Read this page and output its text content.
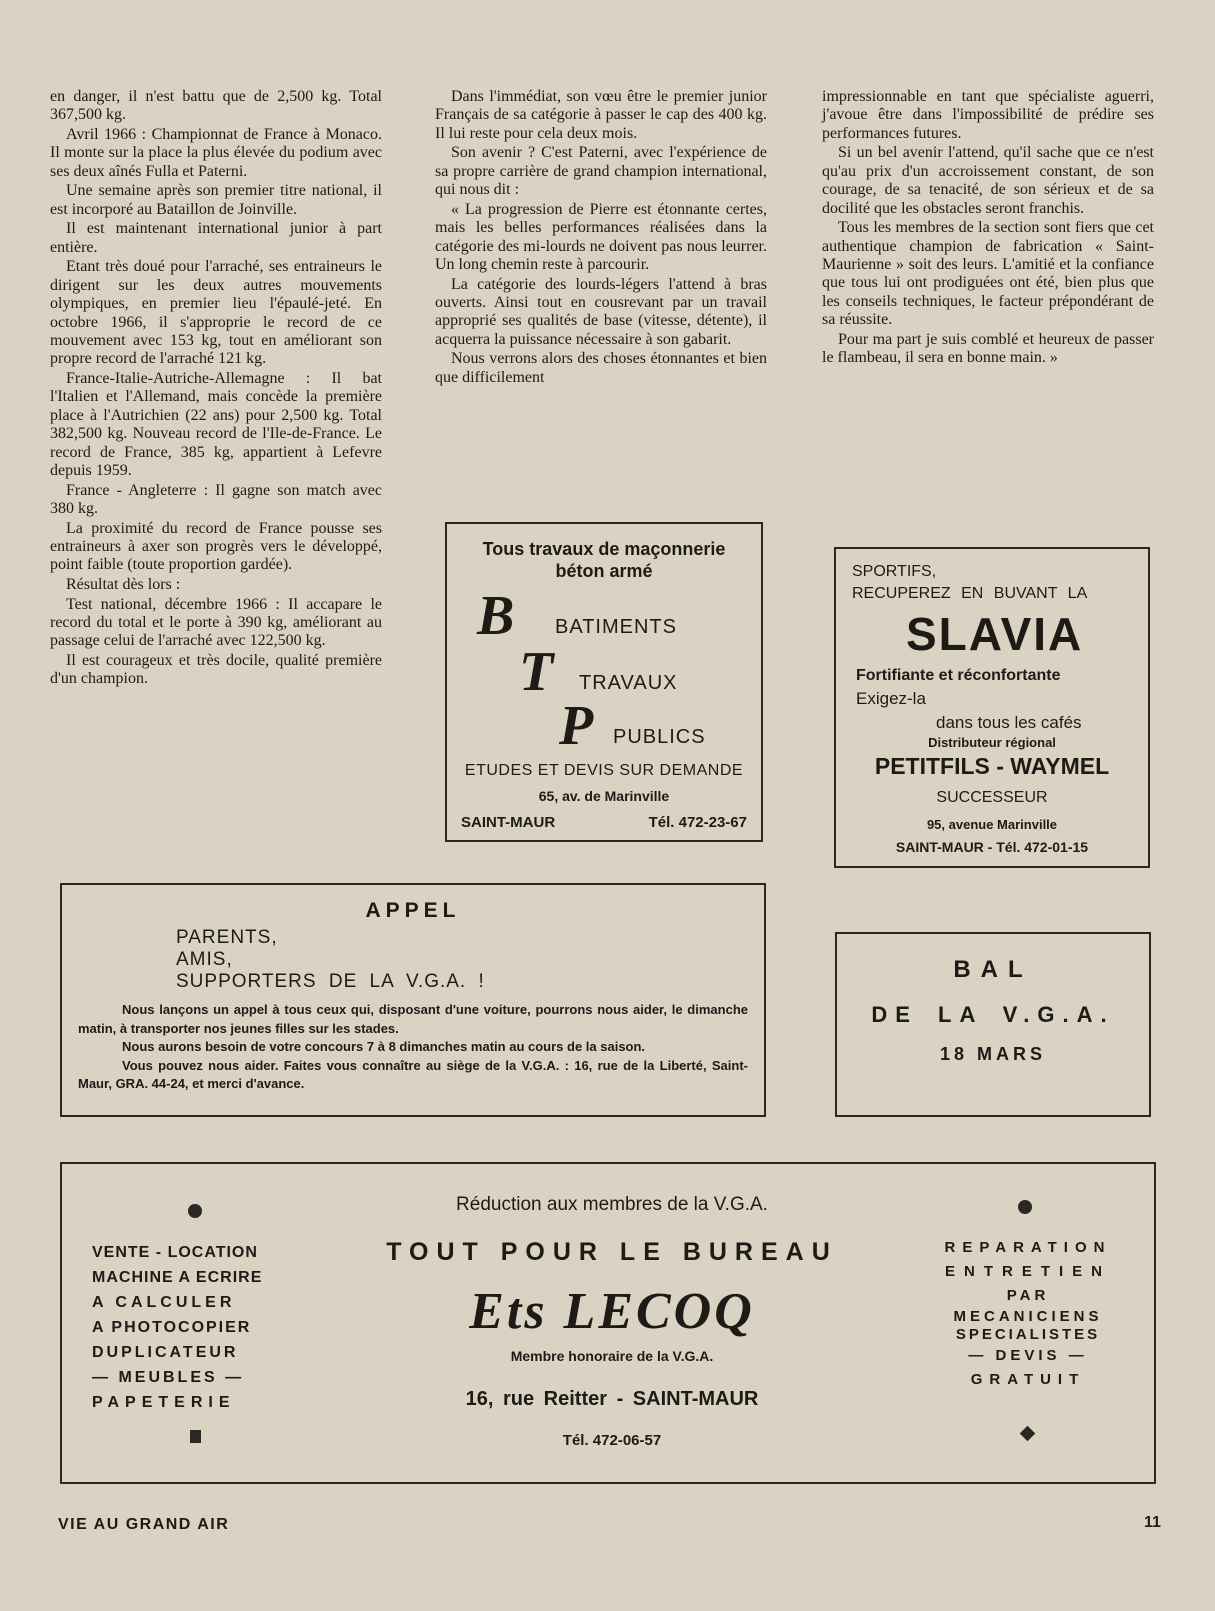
en danger, il n'est battu que de 2,500 kg. Total 367,500 kg.

Avril 1966 : Championnat de France à Monaco. Il monte sur la place la plus élevée du podium avec ses deux aînés Fulla et Paterni.

Une semaine après son premier titre national, il est incorporé au Bataillon de Joinville.

Il est maintenant international junior à part entière.

Etant très doué pour l'arraché, ses entraineurs le dirigent sur les deux autres mouvements olympiques, en premier lieu l'épaulé-jeté. En octobre 1966, il s'approprie le record de ce mouvement avec 153 kg, tout en améliorant son propre record de l'arraché 121 kg.

France-Italie-Autriche-Allemagne : Il bat l'Italien et l'Allemand, mais concède la première place à l'Autrichien (22 ans) pour 2,500 kg. Total 382,500 kg. Nouveau record de l'Ile-de-France. Le record de France, 385 kg, appartient à Lefevre depuis 1959.

France - Angleterre : Il gagne son match avec 380 kg.

La proximité du record de France pousse ses entraineurs à axer son progrès vers le développé, point faible (toute proportion gardée).

Résultat dès lors :

Test national, décembre 1966 : Il accapare le record du total et le porte à 390 kg, améliorant au passage celui de l'arraché avec 122,500 kg.

Il est courageux et très docile, qualité première d'un champion.

Dans l'immédiat, son vœu être le premier junior Français de sa catégorie à passer le cap des 400 kg. Il lui reste pour cela deux mois.

Son avenir ? C'est Paterni, avec l'expérience de sa propre carrière de grand champion international, qui nous dit :

« La progression de Pierre est étonnante certes, mais les belles performances réalisées dans la catégorie des mi-lourds ne doivent pas nous leurrer. Un long chemin reste à parcourir.

La catégorie des lourds-légers l'attend à bras ouverts. Ainsi tout en cousrevant par un travail approprié ses qualités de base (vitesse, détente), il acquerra la puissance nécessaire à son gabarit.

Nous verrons alors des choses étonnantes et bien que difficilement

impressionnable en tant que spécialiste aguerri, j'avoue être dans l'impossibilité de prédire ses performances futures.

Si un bel avenir l'attend, qu'il sache que ce n'est qu'au prix d'un accroissement constant, de son courage, de sa tenacité, de son sérieux et de sa docilité que les obstacles seront franchis.

Tous les membres de la section sont fiers que cet authentique champion de fabrication « Saint-Maurienne » soit des leurs. L'amitié et la confiance que tous lui ont prodiguées ont été, bien plus que les conseils techniques, le facteur prépondérant de sa réussite.

Pour ma part je suis comblé et heureux de passer le flambeau, il sera en bonne main. »

Tous travaux de maçonnerie
béton armé
B BATIMENTS
T TRAVAUX
P PUBLICS
ETUDES ET DEVIS SUR DEMANDE
65, av. de Marinville
SAINT-MAUR	Tél. 472-23-67
SPORTIFS,
RECUPEREZ EN BUVANT LA
SLAVIA
Fortifiante et réconfortante
Exigez-la
dans tous les cafés
Distributeur régional
PETITFILS - WAYMEL
SUCCESSEUR
95, avenue Marinville
SAINT-MAUR - Tél. 472-01-15
APPEL
PARENTS,
AMIS,
SUPPORTERS DE LA V.G.A. !

Nous lançons un appel à tous ceux qui, disposant d'une voiture, pourrons nous aider, le dimanche matin, à transporter nos jeunes filles sur les stades.

Nous aurons besoin de votre concours 7 à 8 dimanches matin au cours de la saison.

Vous pouvez nous aider. Faites vous connaître au siège de la V.G.A. : 16, rue de la Liberté, Saint-Maur, GRA. 44-24, et merci d'avance.

BAL
DE LA V.G.A.
18 MARS
VENTE - LOCATION
MACHINE A ECRIRE
A CALCULER
A PHOTOCOPIER
DUPLICATEUR
— MEUBLES —
PAPETERIE
Réduction aux membres de la V.G.A.
TOUT POUR LE BUREAU
Ets LECOQ
Membre honoraire de la V.G.A.
16, rue Reitter - SAINT-MAUR
Tél. 472-06-57
REPARATION
ENTRETIEN
PAR
MECANICIENS
SPECIALISTES
— DEVIS —
GRATUIT
VIE AU GRAND AIR	11
